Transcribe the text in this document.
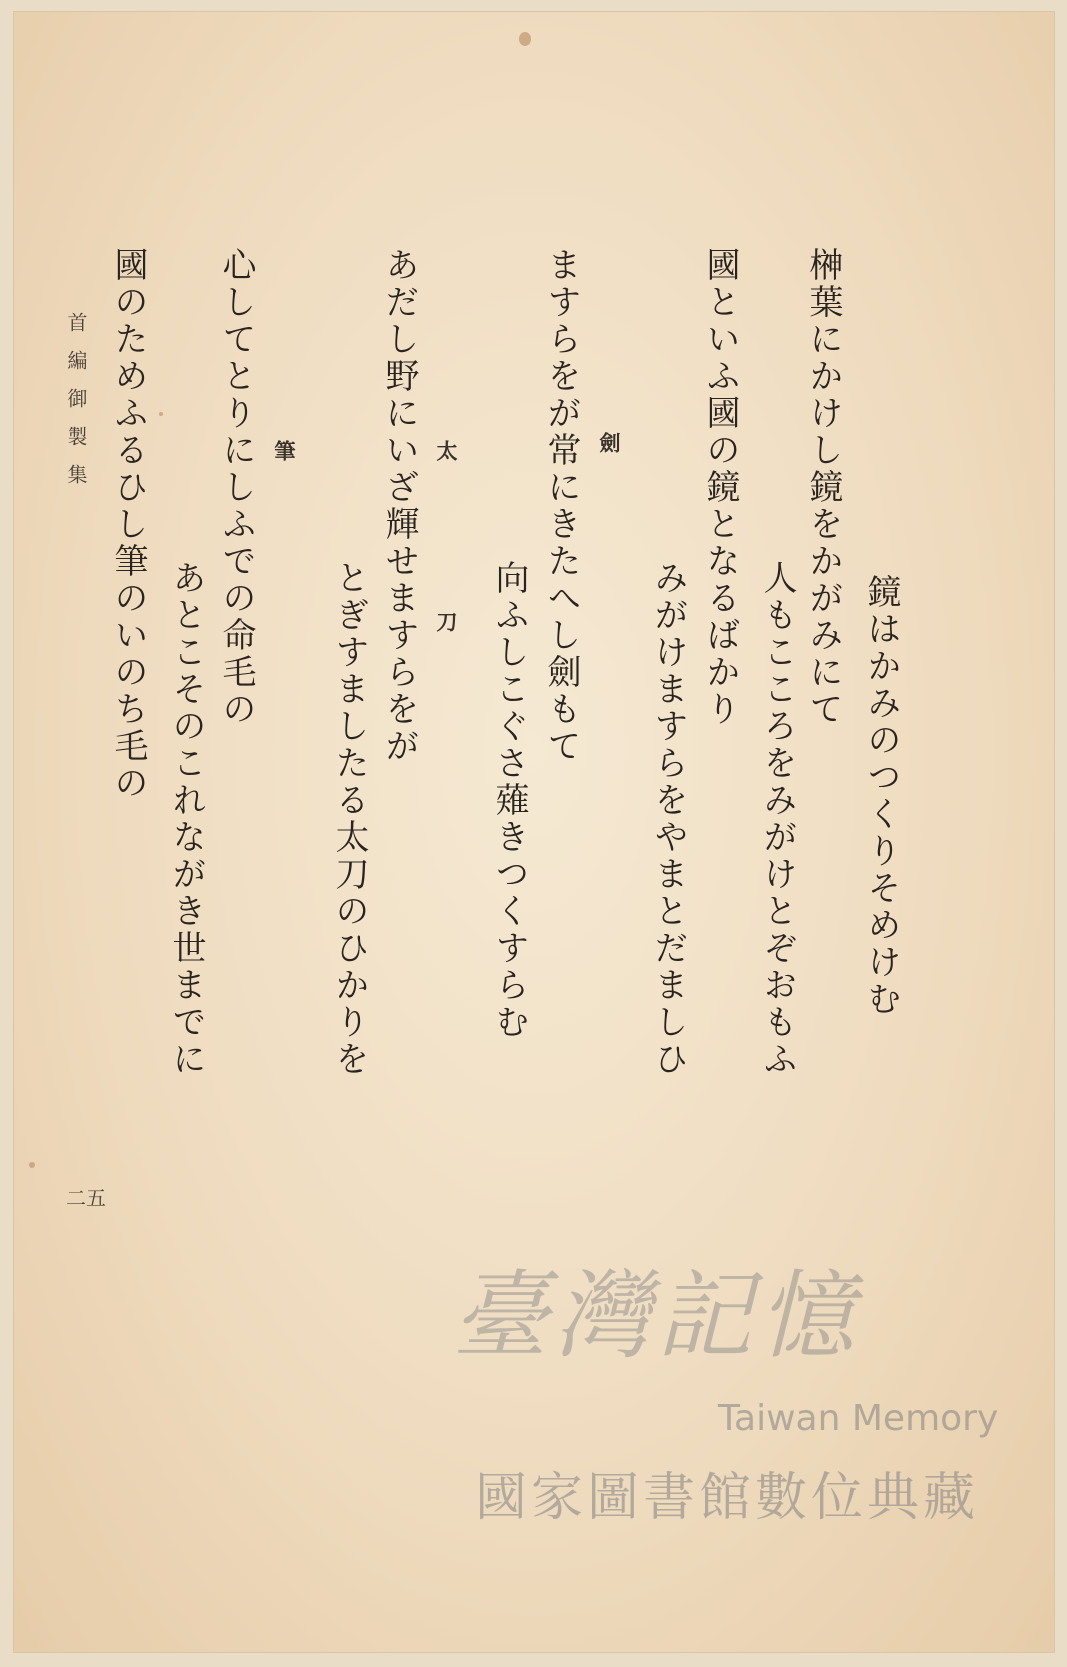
鏡はかみのつくりそめけむ
榊葉にかけし鏡をかがみにて
人もこころをみがけとぞおもふ
國といふ國の鏡となるばかり
みがけますらをやまとだましひ
劍
ますらをが常にきたへし劍もて
向ふしこぐさ薙きつくすらむ
太刀
あだし野にいざ輝せますらをが
とぎすましたる太刀のひかりを
筆
心してとりにしふでの命毛の
あとこそのこれながき世までに
國のためふるひし筆のいのち毛の
首編御製集
二五
臺灣記憶
Taiwan Memory
國家圖書館數位典藏
